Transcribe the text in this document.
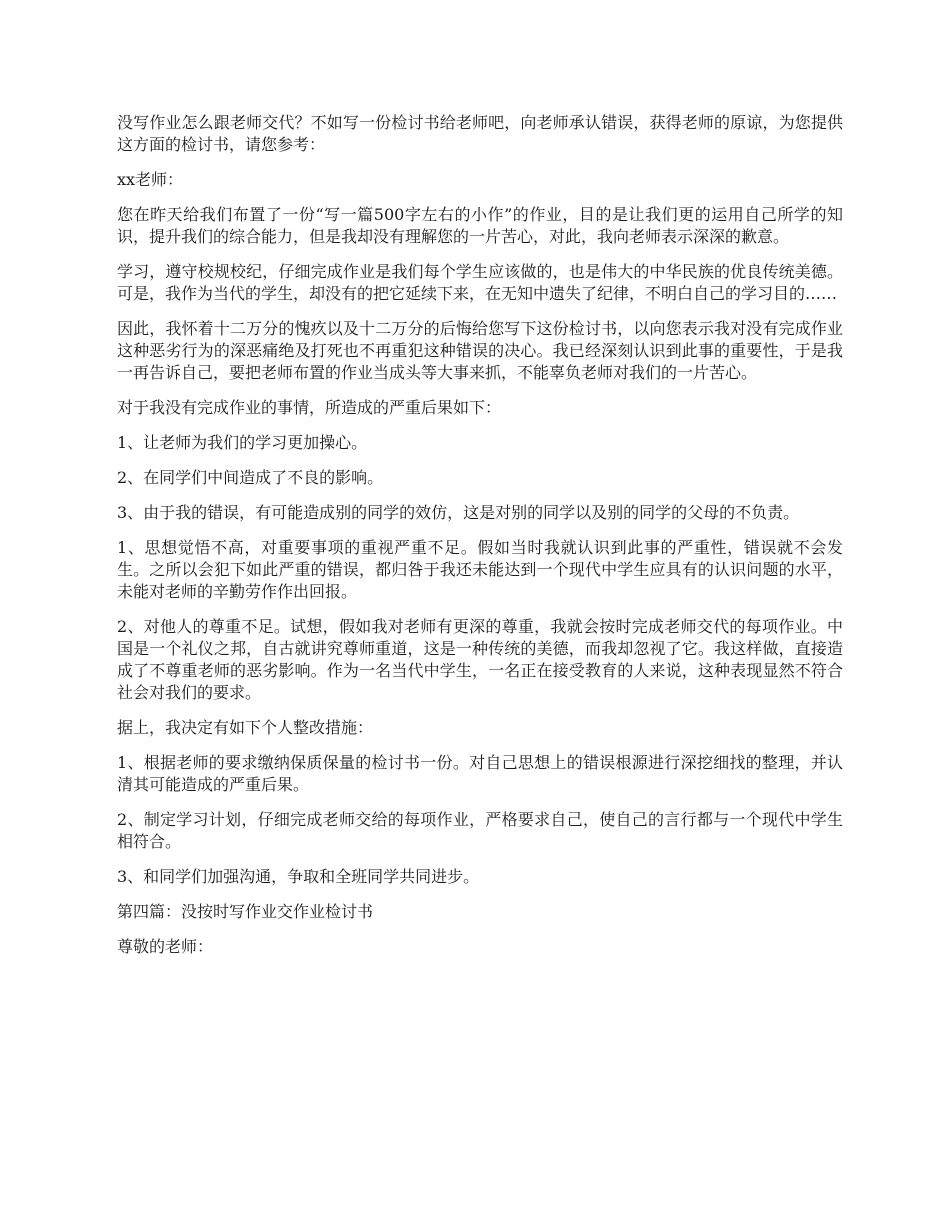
没写作业怎么跟老师交代？不如写一份检讨书给老师吧，向老师承认错误，获得老师的原谅，为您提供这方面的检讨书，请您参考：

xx老师：

您在昨天给我们布置了一份“写一篇500字左右的小作”的作业，目的是让我们更的运用自己所学的知识，提升我们的综合能力，但是我却没有理解您的一片苦心，对此，我向老师表示深深的歉意。

学习，遵守校规校纪，仔细完成作业是我们每个学生应该做的，也是伟大的中华民族的优良传统美德。可是，我作为当代的学生，却没有的把它延续下来，在无知中遗失了纪律，不明白自己的学习目的……

因此，我怀着十二万分的愧疚以及十二万分的后悔给您写下这份检讨书，以向您表示我对没有完成作业这种恶劣行为的深恶痛绝及打死也不再重犯这种错误的决心。我已经深刻认识到此事的重要性，于是我一再告诉自己，要把老师布置的作业当成头等大事来抓，不能辜负老师对我们的一片苦心。

对于我没有完成作业的事情，所造成的严重后果如下：

1、让老师为我们的学习更加操心。

2、在同学们中间造成了不良的影响。

3、由于我的错误，有可能造成别的同学的效仿，这是对别的同学以及别的同学的父母的不负责。

1、思想觉悟不高，对重要事项的重视严重不足。假如当时我就认识到此事的严重性，错误就不会发生。之所以会犯下如此严重的错误，都归咎于我还未能达到一个现代中学生应具有的认识问题的水平，未能对老师的辛勤劳作作出回报。

2、对他人的尊重不足。试想，假如我对老师有更深的尊重，我就会按时完成老师交代的每项作业。中国是一个礼仪之邦，自古就讲究尊师重道，这是一种传统的美德，而我却忽视了它。我这样做，直接造成了不尊重老师的恶劣影响。作为一名当代中学生，一名正在接受教育的人来说，这种表现显然不符合社会对我们的要求。

据上，我决定有如下个人整改措施：

1、根据老师的要求缴纳保质保量的检讨书一份。对自己思想上的错误根源进行深挖细找的整理，并认清其可能造成的严重后果。

2、制定学习计划，仔细完成老师交给的每项作业，严格要求自己，使自己的言行都与一个现代中学生相符合。

3、和同学们加强沟通，争取和全班同学共同进步。

第四篇：没按时写作业交作业检讨书

尊敬的老师：
